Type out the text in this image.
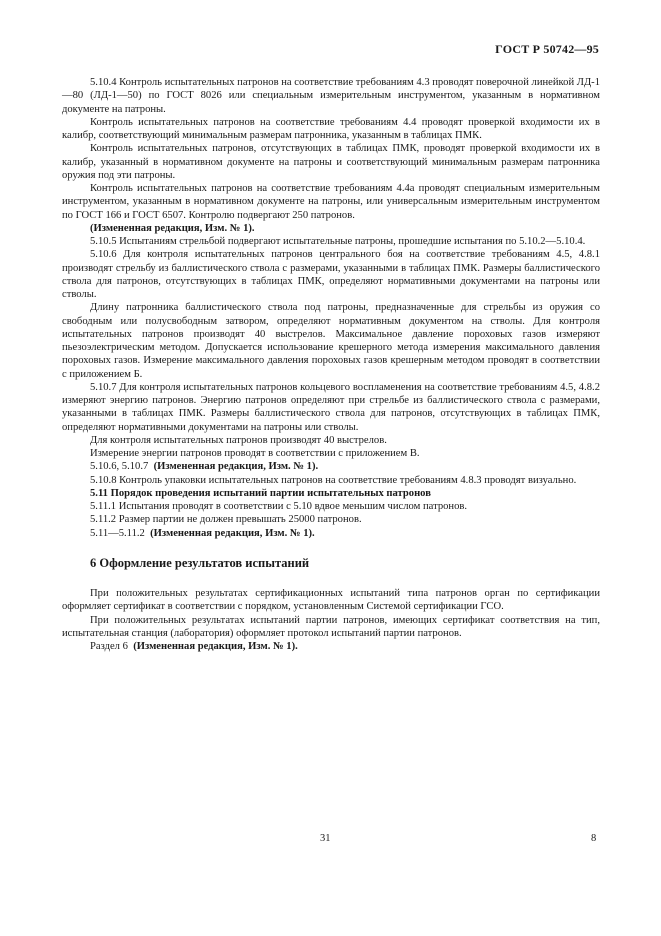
ГОСТ Р 50742—95

5.10.4 Контроль испытательных патронов на соответствие требованиям 4.3 проводят поверочной линейкой ЛД-1—80 (ЛД-1—50) по ГОСТ 8026 или специальным измерительным инструментом, указанным в нормативном документе на патроны.

Контроль испытательных патронов на соответствие требованиям 4.4 проводят проверкой входимости их в калибр, соответствующий минимальным размерам патронника, указанным в таблицах ПМК.

Контроль испытательных патронов, отсутствующих в таблицах ПМК, проводят проверкой входимости их в калибр, указанный в нормативном документе на патроны и соответствующий минимальным размерам патронника оружия под эти патроны.

Контроль испытательных патронов на соответствие требованиям 4.4а проводят специальным измерительным инструментом, указанным в нормативном документе на патроны, или универсальным измерительным инструментом по ГОСТ 166 и ГОСТ 6507. Контролю подвергают 250 патронов.

(Измененная редакция, Изм. № 1).

5.10.5 Испытаниям стрельбой подвергают испытательные патроны, прошедшие испытания по 5.10.2—5.10.4.

5.10.6 Для контроля испытательных патронов центрального боя на соответствие требованиям 4.5, 4.8.1 производят стрельбу из баллистического ствола с размерами, указанными в таблицах ПМК. Размеры баллистического ствола для патронов, отсутствующих в таблицах ПМК, определяют нормативными документами на патроны или стволы.

Длину патронника баллистического ствола под патроны, предназначенные для стрельбы из оружия со свободным или полусвободным затвором, определяют нормативным документом на стволы. Для контроля испытательных патронов производят 40 выстрелов. Максимальное давление пороховых газов измеряют пьезоэлектрическим методом. Допускается использование крешерного метода измерения максимального давления пороховых газов. Измерение максимального давления пороховых газов крешерным методом проводят в соответствии с приложением Б.

5.10.7 Для контроля испытательных патронов кольцевого воспламенения на соответствие требованиям 4.5, 4.8.2 измеряют энергию патронов. Энергию патронов определяют при стрельбе из баллистического ствола с размерами, указанными в таблицах ПМК. Размеры баллистического ствола для патронов, отсутствующих в таблицах ПМК, определяют нормативными документами на патроны или стволы.

Для контроля испытательных патронов производят 40 выстрелов.

Измерение энергии патронов проводят в соответствии с приложением В.

5.10.6, 5.10.7 (Измененная редакция, Изм. № 1).

5.10.8 Контроль упаковки испытательных патронов на соответствие требованиям 4.8.3 проводят визуально.

5.11 Порядок проведения испытаний партии испытательных патронов

5.11.1 Испытания проводят в соответствии с 5.10 вдвое меньшим числом патронов.

5.11.2 Размер партии не должен превышать 25000 патронов.

5.11—5.11.2 (Измененная редакция, Изм. № 1).

6 Оформление результатов испытаний

При положительных результатах сертификационных испытаний типа патронов орган по сертификации оформляет сертификат в соответствии с порядком, установленным Системой сертификации ГСО.

При положительных результатах испытаний партии патронов, имеющих сертификат соответствия на тип, испытательная станция (лаборатория) оформляет протокол испытаний партии патронов.

Раздел 6 (Измененная редакция, Изм. № 1).

31	8
